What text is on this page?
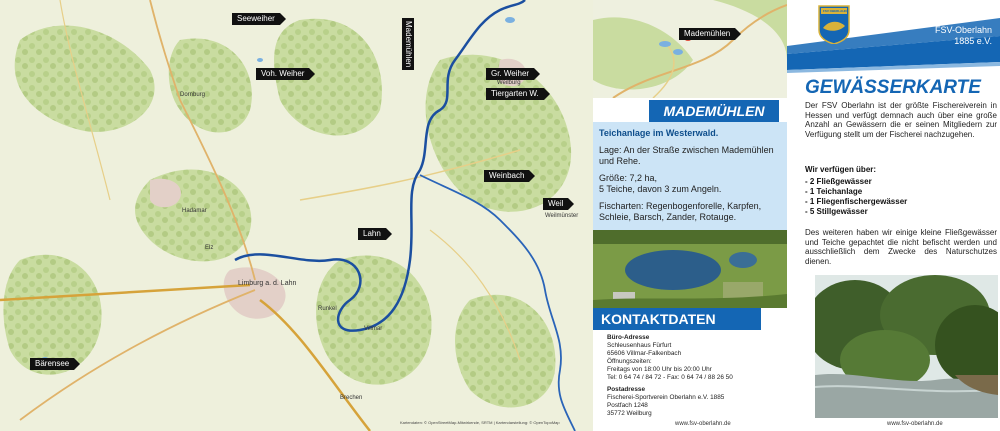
Seeweiher
Mademühlen
Voh. Weiher	Gr. Weiher
Tiergarten W.
Weinbach
Weil
Lahn
Bärensee
Limburg a. d. Lahn
Weilburg
Runkel
Villmar
Brechen
Hadamar
Elz
Weilmünster
Dornburg
Kartendaten: © OpenStreetMap-Mitwirkende, SRTM | Kartendarstellung: © OpenTopoMap
Mademühlen
MADEMÜHLEN

Teichanlage im Westerwald.

Lage: An der Straße zwischen Mademühlen und Rehe.

Größe: 7,2 ha,

5 Teiche, davon 3 zum Angeln.

Fischarten: Regenbogenforelle, Karpfen, Schleie, Barsch, Zander, Rotauge.

KONTAKTDATEN
Büro-Adresse
Schleusenhaus Fürfurt
65606 Villmar-Falkenbach
Öffnungszeiten:
Freitags von 18:00 Uhr bis 20:00 Uhr
Tel: 0 64 74 / 84 72 - Fax: 0 64 74 / 88 26 50

Postadresse
Fischerei-Sportverein Oberlahn e.V. 1885
Postfach 1248
35772 Weilburg
www.fsv-oberlahn.de
FSV OBERLAHN
FSV-Oberlahn
1885 e.V.
GEWÄSSERKARTE
Der FSV Oberlahn ist der größte Fischereiverein in Hessen und verfügt demnach auch über eine große Anzahl an Gewässern die er seinen Mitgliedern zur Verfügung stellt um der Fischerei nachzugehen.
Wir verfügen über:
- 2 Fließgewässer
- 1 Teichanlage
- 1 Fliegenfischergewässer
- 5 Stillgewässer
Des weiteren haben wir einige kleine Fließgewässer und Teiche gepachtet die nicht befischt werden und ausschließlich dem Zwecke des Naturschutzes dienen.
www.fsv-oberlahn.de
